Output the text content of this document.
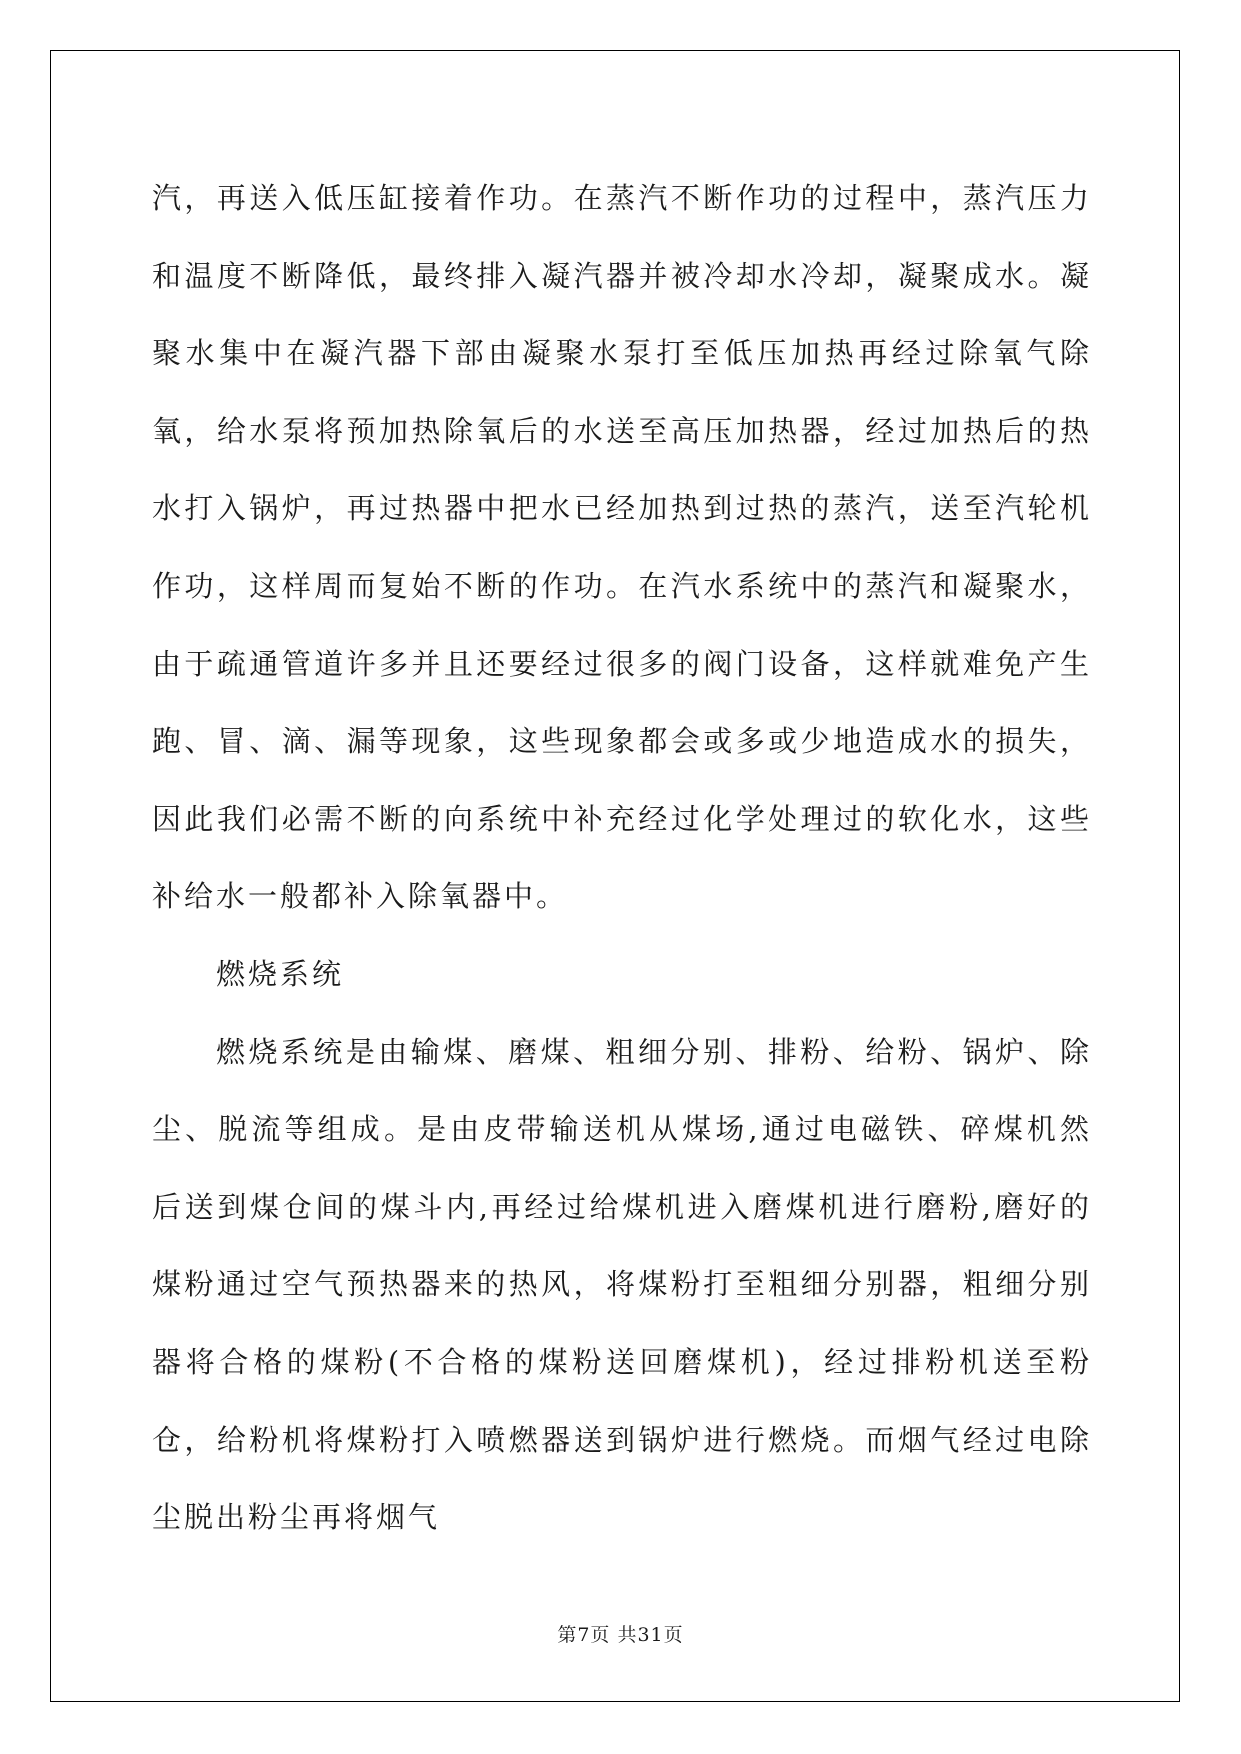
汽，再送入低压缸接着作功。在蒸汽不断作功的过程中，蒸汽压力和温度不断降低，最终排入凝汽器并被冷却水冷却，凝聚成水。凝聚水集中在凝汽器下部由凝聚水泵打至低压加热再经过除氧气除氧，给水泵将预加热除氧后的水送至高压加热器，经过加热后的热水打入锅炉，再过热器中把水已经加热到过热的蒸汽，送至汽轮机作功，这样周而复始不断的作功。在汽水系统中的蒸汽和凝聚水，由于疏通管道许多并且还要经过很多的阀门设备，这样就难免产生跑、冒、滴、漏等现象，这些现象都会或多或少地造成水的损失，因此我们必需不断的向系统中补充经过化学处理过的软化水，这些补给水一般都补入除氧器中。

燃烧系统

燃烧系统是由输煤、磨煤、粗细分别、排粉、给粉、锅炉、除尘、脱流等组成。是由皮带输送机从煤场,通过电磁铁、碎煤机然后送到煤仓间的煤斗内,再经过给煤机进入磨煤机进行磨粉,磨好的煤粉通过空气预热器来的热风，将煤粉打至粗细分别器，粗细分别器将合格的煤粉(不合格的煤粉送回磨煤机)，经过排粉机送至粉仓，给粉机将煤粉打入喷燃器送到锅炉进行燃烧。而烟气经过电除尘脱出粉尘再将烟气

第7页 共31页
